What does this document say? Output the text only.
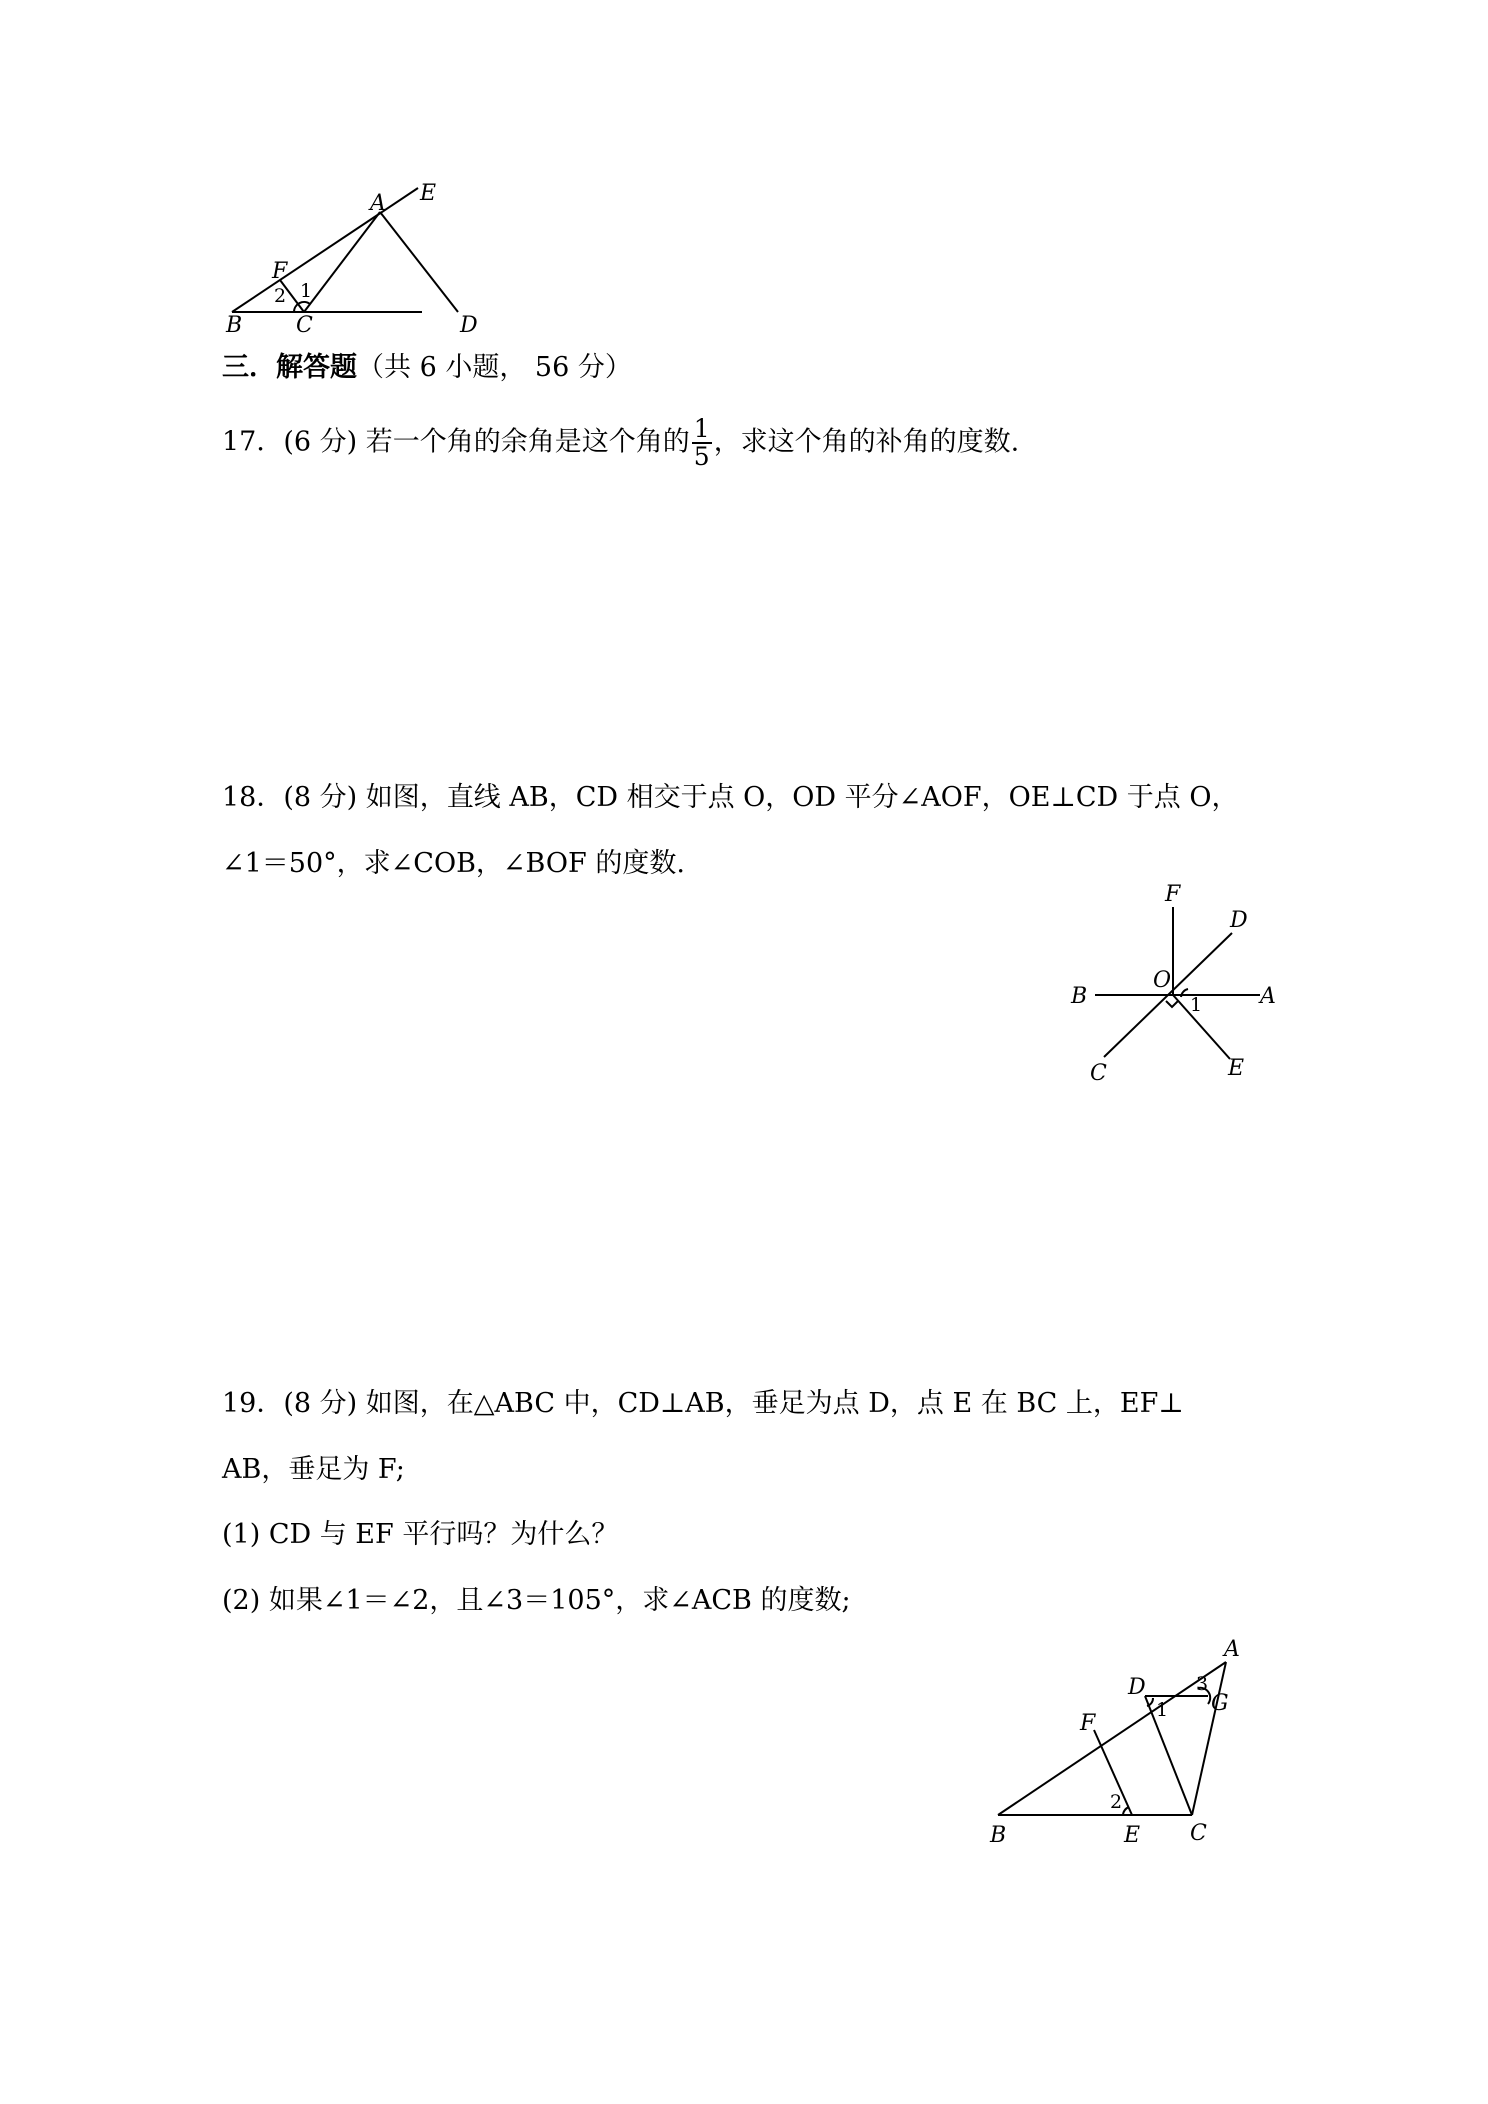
A E
F
2 1
B C	D
三．解答题（共 6 小题， 56 分）
17．(6 分) 若一个角的余角是这个角的 $\frac{1}{5}$ ，求这个角的补角的度数.
18．(8 分) 如图，直线 AB，CD 相交于点 O，OD 平分∠AOF，OE⊥CD 于点 O，
∠1＝50°，求∠COB，∠BOF 的度数.
F
D
O
B	A
1
C	E
19．(8 分) 如图，在△ABC 中，CD⊥AB，垂足为点 D，点 E 在 BC 上，EF⊥
AB，垂足为 F;
(1) CD 与 EF 平行吗？为什么？
(2) 如果∠1＝∠2，且∠3＝105°，求∠ACB 的度数;
A
D	3
G
1
F
2
B	E C
